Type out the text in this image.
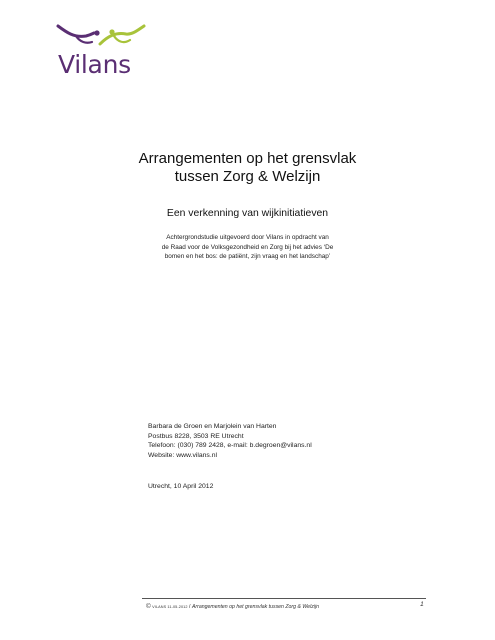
Vilans
Arrangementen op het grensvlak
tussen Zorg & Welzijn
Een verkenning van wijkinitiatieven
Achtergrondstudie uitgevoerd door Vilans in opdracht van
de Raad voor de Volksgezondheid en Zorg bij het advies ‘De
bomen en het bos: de patiënt, zijn vraag en het landschap’
Barbara de Groen en Marjolein van Harten
Postbus 8228, 3503 RE Utrecht
Telefoon: (030) 789 2428, e-mail: b.degroen@vilans.nl
Website: www.vilans.nl
Utrecht, 10 April 2012
© VILANS 11-05-2012 / Arrangementen op het grensvlak tussen Zorg & Welzijn	1
